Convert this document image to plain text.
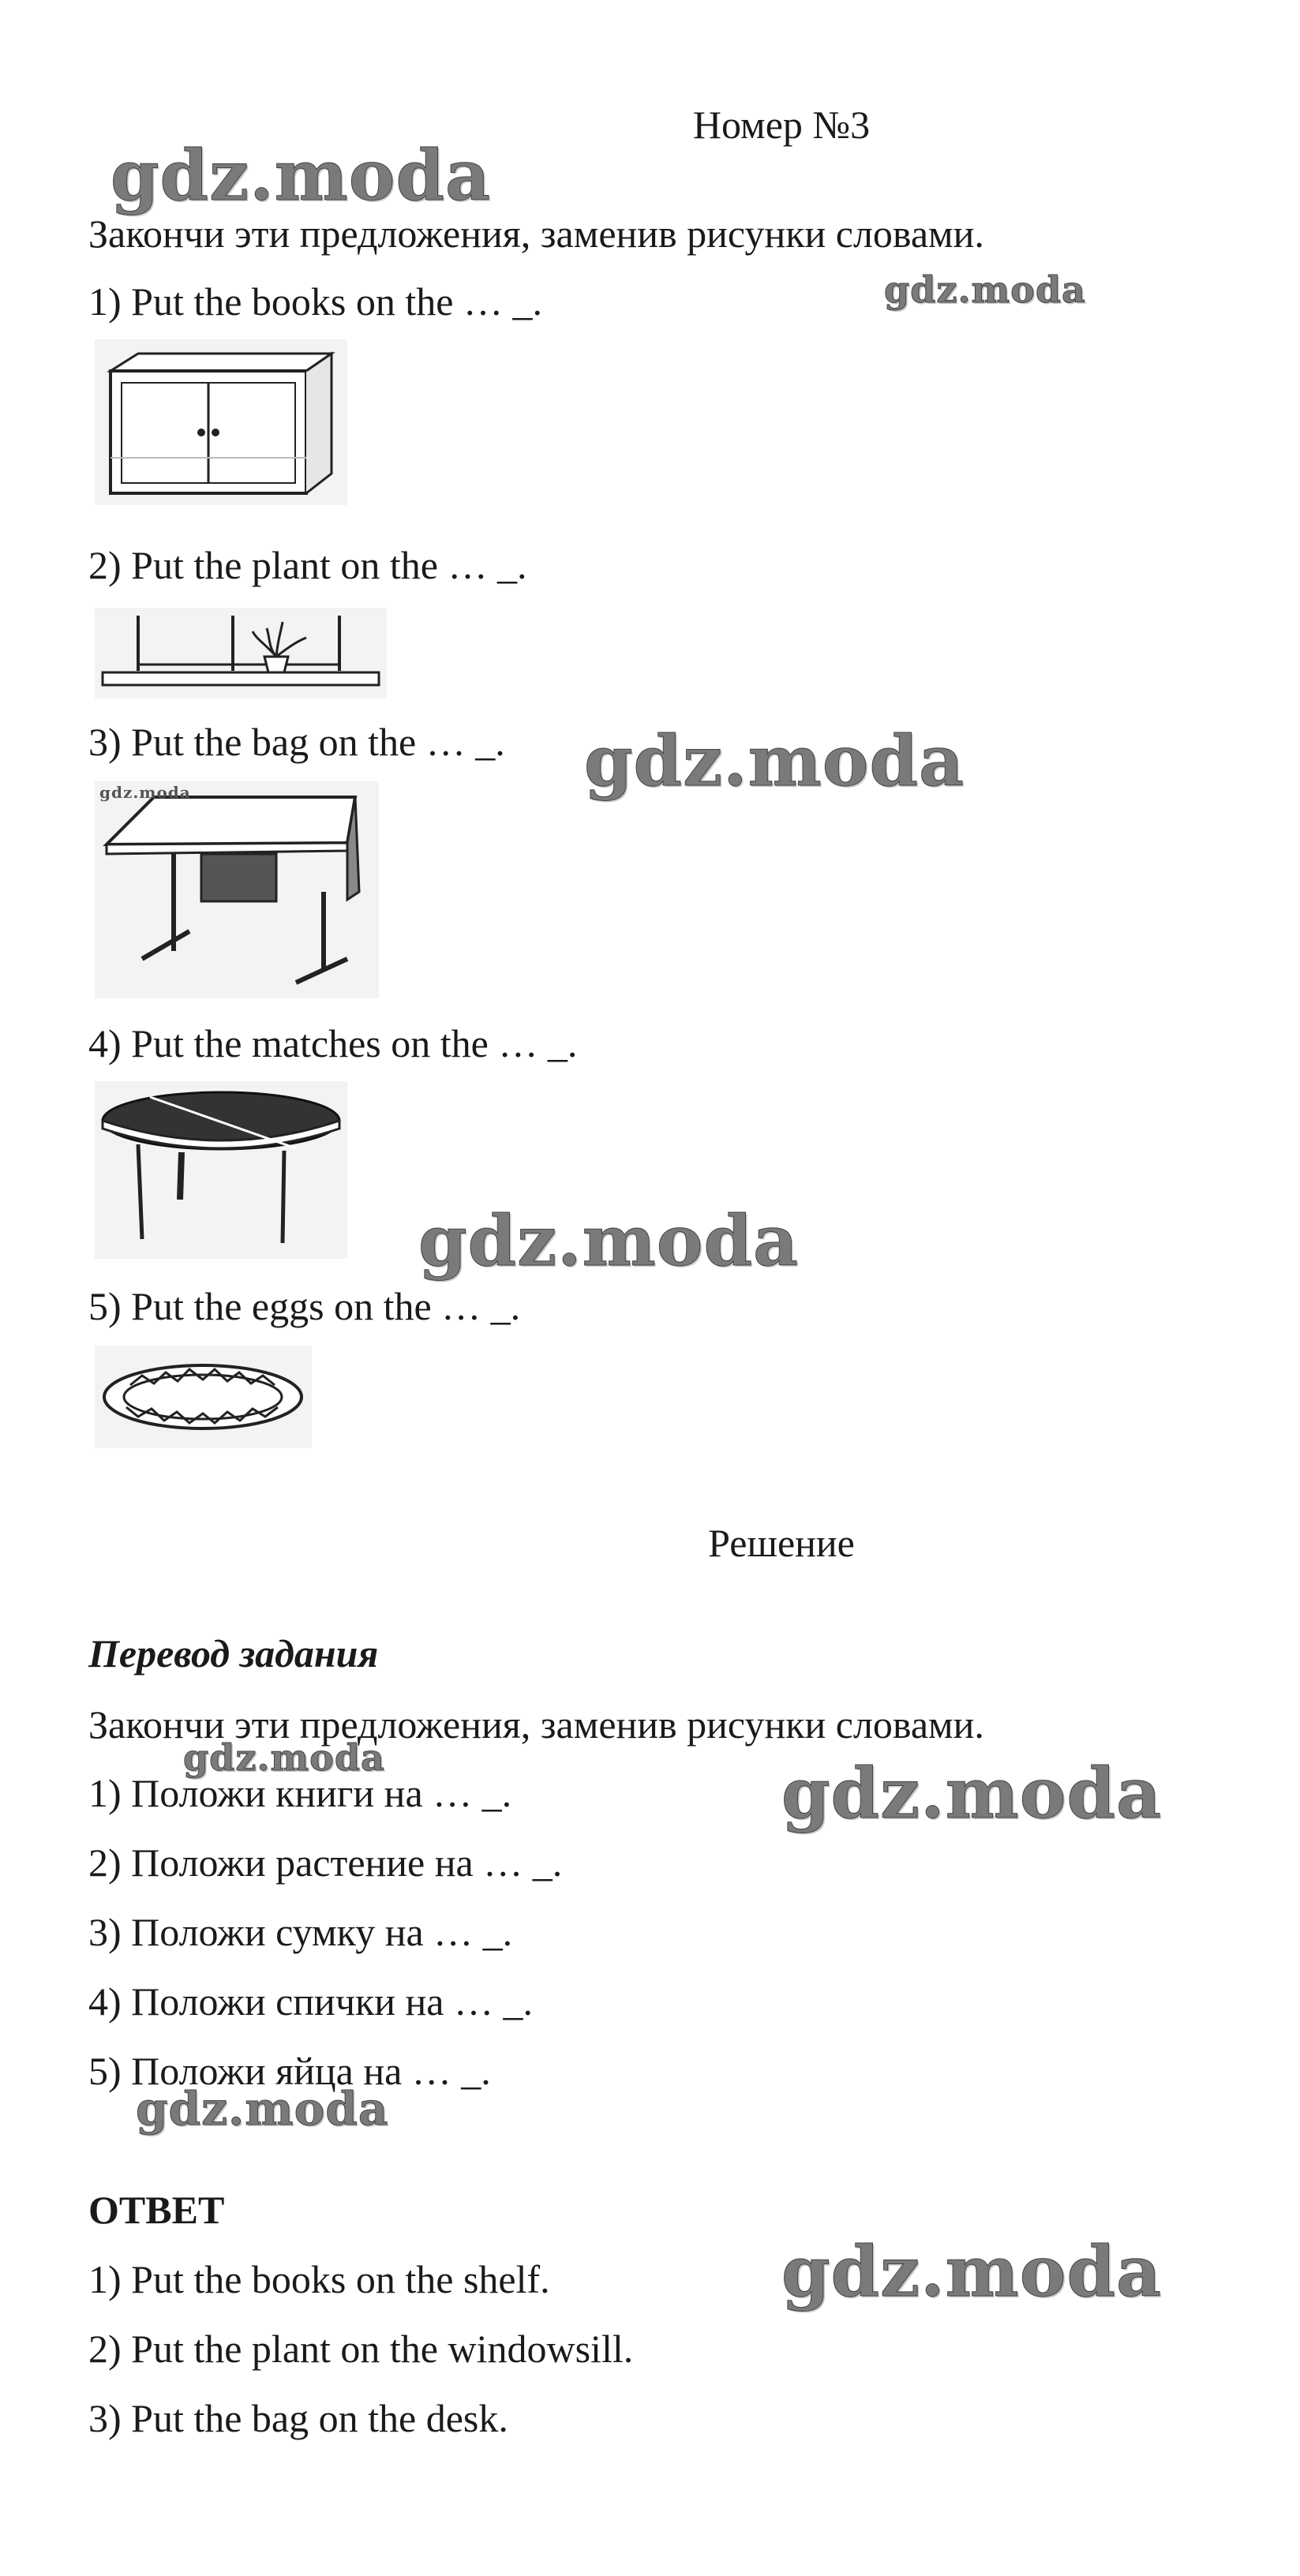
Номер №3
Закончи эти предложения, заменив рисунки словами.
1) Put the books on the … _.
2) Put the plant on the … _.
3) Put the bag on the … _.
4) Put the matches on the … _.
5) Put the eggs on the … _.
Решение
Перевод задания
Закончи эти предложения, заменив рисунки словами.
1) Положи книги на … _.
2) Положи растение на … _.
3) Положи сумку на … _.
4) Положи спички на … _.
5) Положи яйца на … _.
ОТВЕТ
1) Put the books on the shelf.
2) Put the plant on the windowsill.
3) Put the bag on the desk.
gdz.moda
gdz.moda
gdz.moda
gdz.moda
gdz.moda
gdz.moda	gdz.moda
gdz.moda
gdz.moda
